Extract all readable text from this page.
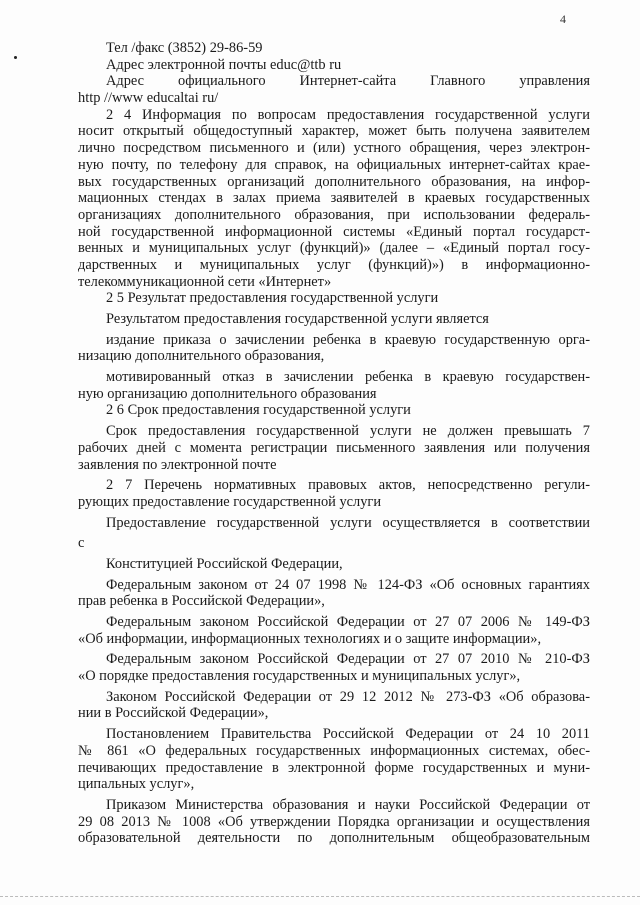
4
Тел /факс (3852) 29-86-59
Адрес электронной почты educ@ttb ru
Адрес официального Интернет-сайта Главного управления
http //www educaltai ru/
2 4 Информация по вопросам предоставления государственной услуги
носит открытый общедоступный характер, может быть получена заявителем
лично посредством письменного и (или) устного обращения, через электрон-
ную почту, по телефону для справок, на официальных интернет-сайтах крае-
вых государственных организаций дополнительного образования, на инфор-
мационных стендах в залах приема заявителей в краевых государственных
организациях дополнительного образования, при использовании федераль-
ной государственной информационной системы «Единый портал государст-
венных и муниципальных услуг (функций)» (далее – «Единый портал госу-
дарственных и муниципальных услуг (функций)») в информационно-
телекоммуникационной сети «Интернет»
2 5 Результат предоставления государственной услуги
Результатом предоставления государственной услуги является
издание приказа о зачислении ребенка в краевую государственную орга-
низацию дополнительного образования,
мотивированный отказ в зачислении ребенка в краевую государствен-
ную организацию дополнительного образования
2 6 Срок предоставления государственной услуги
Срок предоставления государственной услуги не должен превышать 7
рабочих дней с момента регистрации письменного заявления или получения
заявления по электронной почте
2 7 Перечень нормативных правовых актов, непосредственно регули-
рующих предоставление государственной услуги
Предоставление государственной услуги осуществляется в соответствии
с
Конституцией Российской Федерации,
Федеральным законом от 24 07 1998 № 124-ФЗ «Об основных гарантиях
прав ребенка в Российской Федерации»,
Федеральным законом Российской Федерации от 27 07 2006 № 149-ФЗ
«Об информации, информационных технологиях и о защите информации»,
Федеральным законом Российской Федерации от 27 07 2010 № 210-ФЗ
«О порядке предоставления государственных и муниципальных услуг»,
Законом Российской Федерации от 29 12 2012 № 273-ФЗ «Об образова-
нии в Российской Федерации»,
Постановлением Правительства Российской Федерации от 24 10 2011
№ 861 «О федеральных государственных информационных системах, обес-
печивающих предоставление в электронной форме государственных и муни-
ципальных услуг»,
Приказом Министерства образования и науки Российской Федерации от
29 08 2013 № 1008 «Об утверждении Порядка организации и осуществления
образовательной деятельности по дополнительным общеобразовательным
